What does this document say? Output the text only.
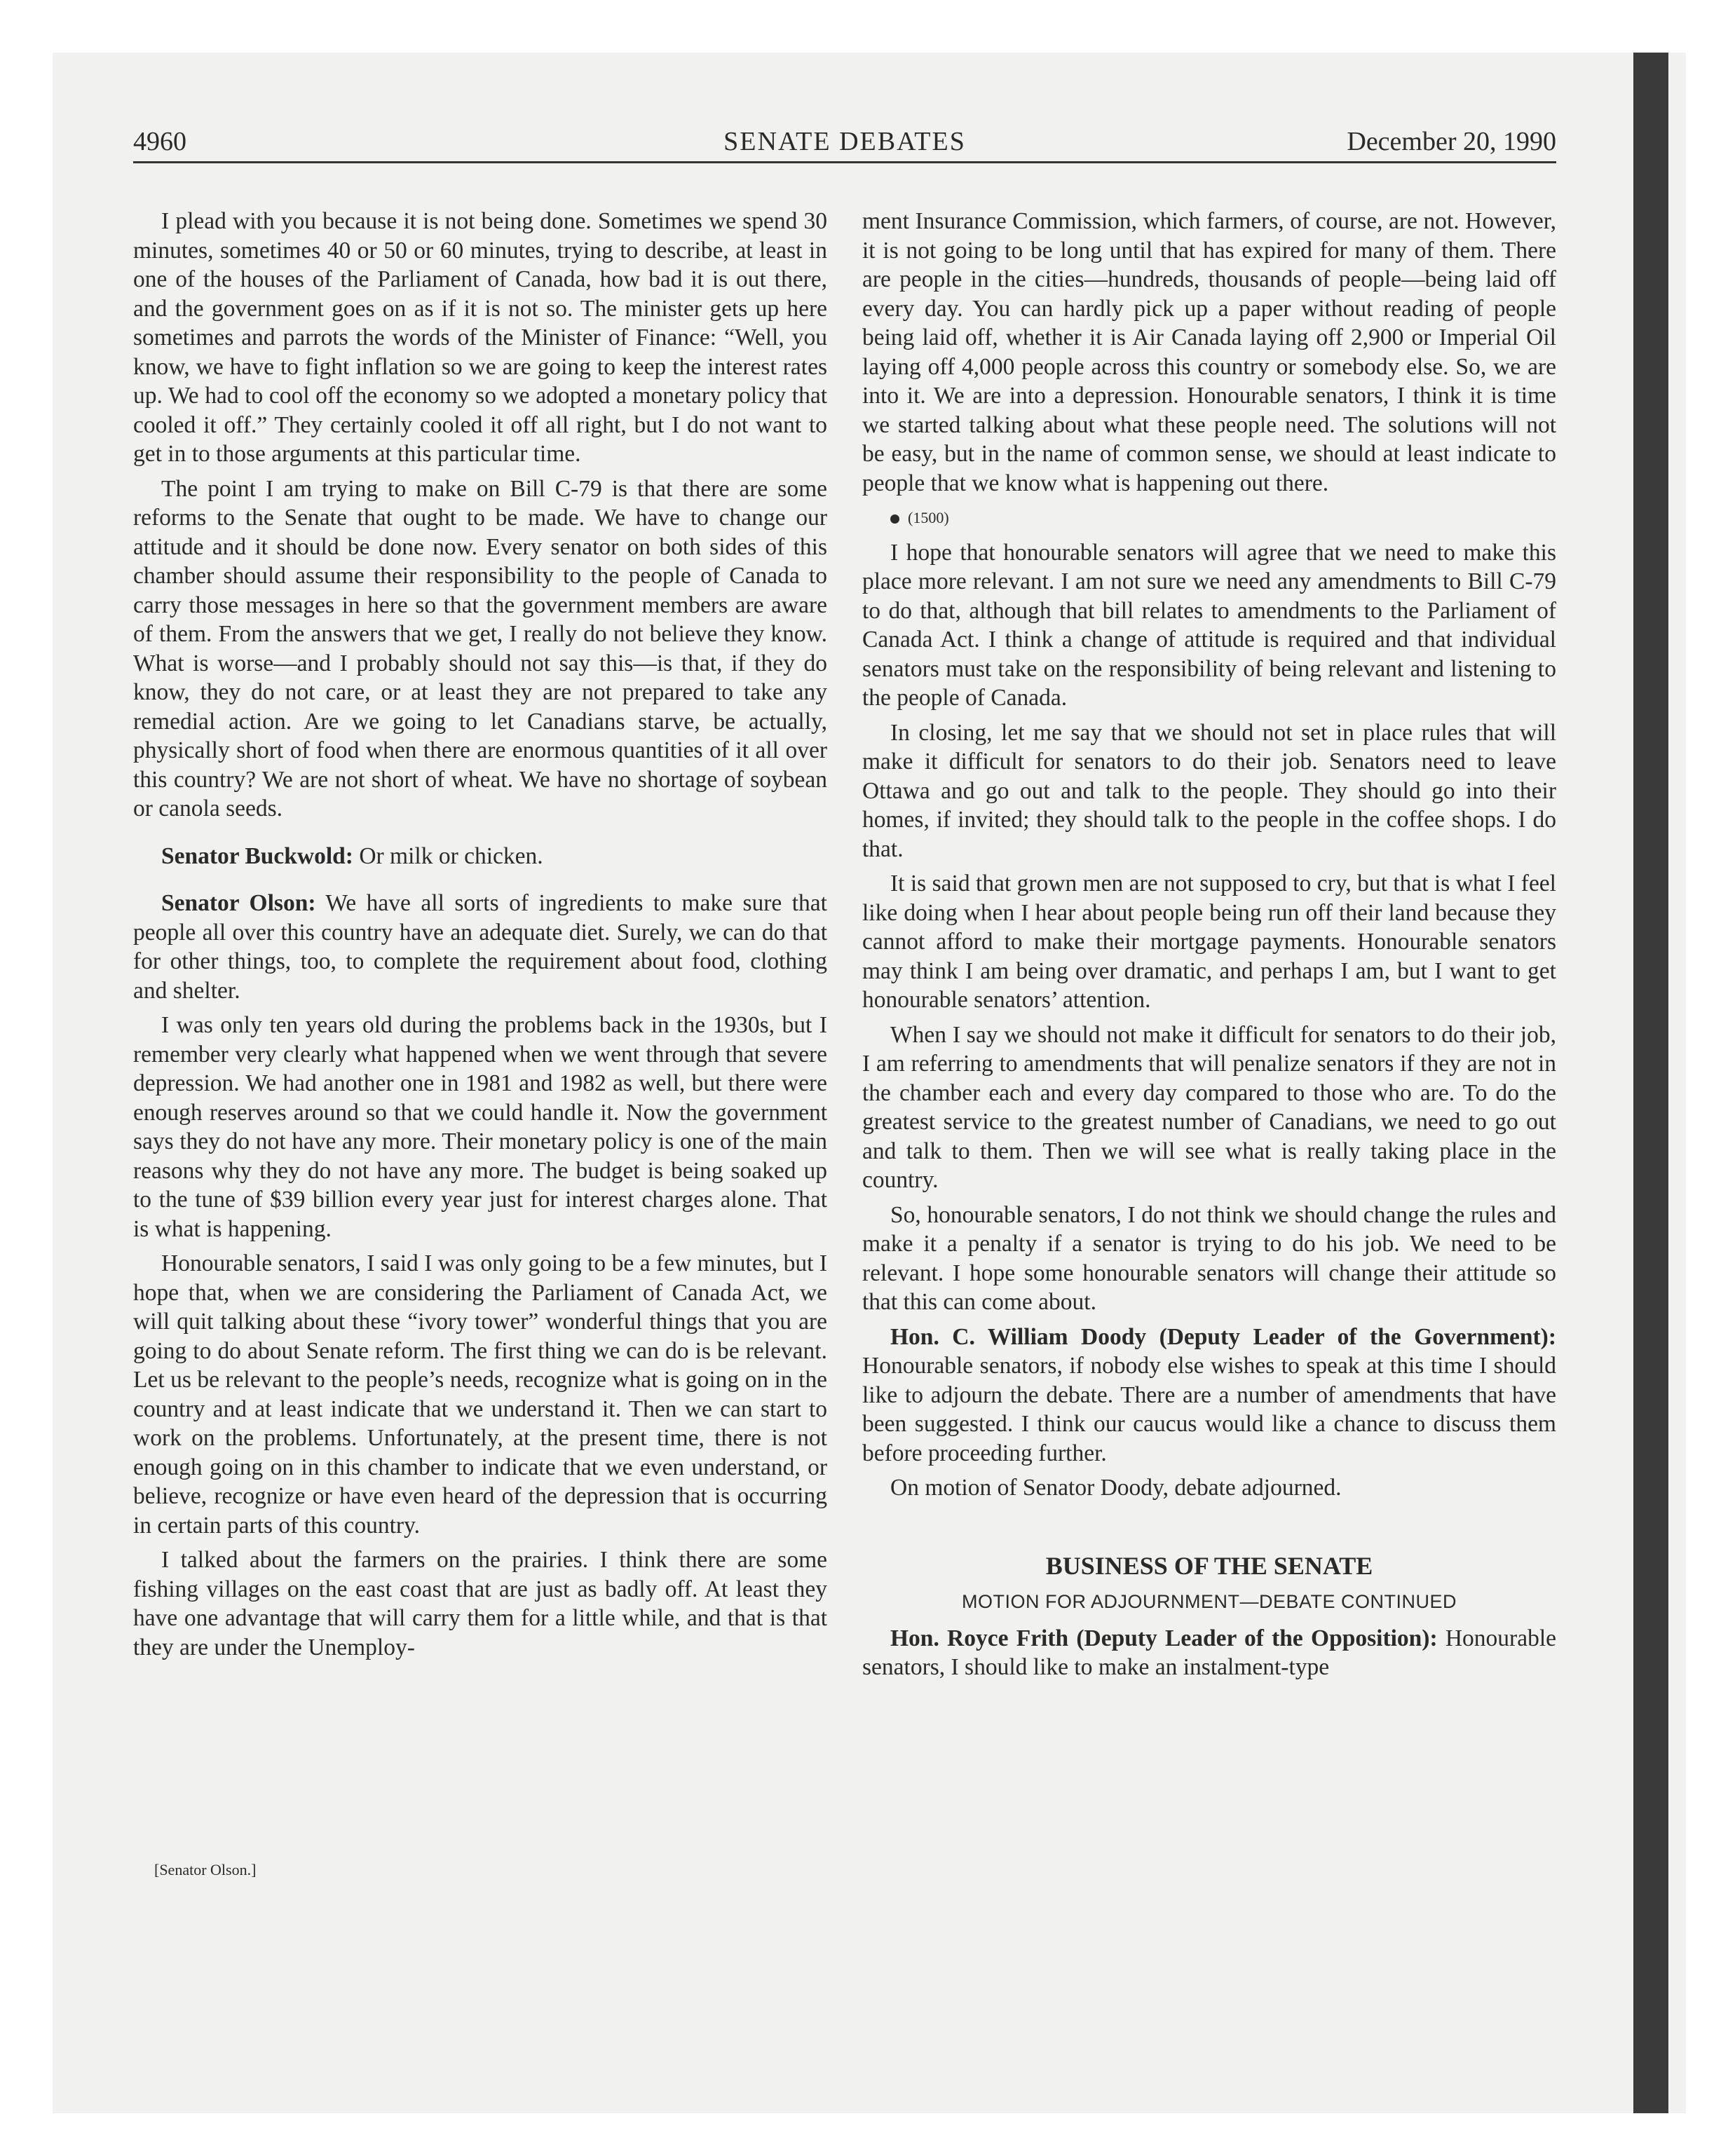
4960	SENATE DEBATES	December 20, 1990

I plead with you because it is not being done. Sometimes we spend 30 minutes, sometimes 40 or 50 or 60 minutes, trying to describe, at least in one of the houses of the Parliament of Canada, how bad it is out there, and the government goes on as if it is not so. The minister gets up here sometimes and parrots the words of the Minister of Finance: “Well, you know, we have to fight inflation so we are going to keep the interest rates up. We had to cool off the economy so we adopted a monetary policy that cooled it off.” They certainly cooled it off all right, but I do not want to get in to those arguments at this particular time.

The point I am trying to make on Bill C-79 is that there are some reforms to the Senate that ought to be made. We have to change our attitude and it should be done now. Every senator on both sides of this chamber should assume their responsibility to the people of Canada to carry those messages in here so that the government members are aware of them. From the answers that we get, I really do not believe they know. What is worse—and I probably should not say this—is that, if they do know, they do not care, or at least they are not prepared to take any remedial action. Are we going to let Canadians starve, be actually, physically short of food when there are enormous quantities of it all over this country? We are not short of wheat. We have no shortage of soybean or canola seeds.

Senator Buckwold: Or milk or chicken.

Senator Olson: We have all sorts of ingredients to make sure that people all over this country have an adequate diet. Surely, we can do that for other things, too, to complete the requirement about food, clothing and shelter.

I was only ten years old during the problems back in the 1930s, but I remember very clearly what happened when we went through that severe depression. We had another one in 1981 and 1982 as well, but there were enough reserves around so that we could handle it. Now the government says they do not have any more. Their monetary policy is one of the main reasons why they do not have any more. The budget is being soaked up to the tune of $39 billion every year just for interest charges alone. That is what is happening.

Honourable senators, I said I was only going to be a few minutes, but I hope that, when we are considering the Parliament of Canada Act, we will quit talking about these “ivory tower” wonderful things that you are going to do about Senate reform. The first thing we can do is be relevant. Let us be relevant to the people’s needs, recognize what is going on in the country and at least indicate that we understand it. Then we can start to work on the problems. Unfortunately, at the present time, there is not enough going on in this chamber to indicate that we even understand, or believe, recognize or have even heard of the depression that is occurring in certain parts of this country.

I talked about the farmers on the prairies. I think there are some fishing villages on the east coast that are just as badly off. At least they have one advantage that will carry them for a little while, and that is that they are under the Unemploy-

ment Insurance Commission, which farmers, of course, are not. However, it is not going to be long until that has expired for many of them. There are people in the cities—hundreds, thousands of people—being laid off every day. You can hardly pick up a paper without reading of people being laid off, whether it is Air Canada laying off 2,900 or Imperial Oil laying off 4,000 people across this country or somebody else. So, we are into it. We are into a depression. Honourable senators, I think it is time we started talking about what these people need. The solutions will not be easy, but in the name of common sense, we should at least indicate to people that we know what is happening out there.

(1500)

I hope that honourable senators will agree that we need to make this place more relevant. I am not sure we need any amendments to Bill C-79 to do that, although that bill relates to amendments to the Parliament of Canada Act. I think a change of attitude is required and that individual senators must take on the responsibility of being relevant and listening to the people of Canada.

In closing, let me say that we should not set in place rules that will make it difficult for senators to do their job. Senators need to leave Ottawa and go out and talk to the people. They should go into their homes, if invited; they should talk to the people in the coffee shops. I do that.

It is said that grown men are not supposed to cry, but that is what I feel like doing when I hear about people being run off their land because they cannot afford to make their mortgage payments. Honourable senators may think I am being over dramatic, and perhaps I am, but I want to get honourable senators’ attention.

When I say we should not make it difficult for senators to do their job, I am referring to amendments that will penalize senators if they are not in the chamber each and every day compared to those who are. To do the greatest service to the greatest number of Canadians, we need to go out and talk to them. Then we will see what is really taking place in the country.

So, honourable senators, I do not think we should change the rules and make it a penalty if a senator is trying to do his job. We need to be relevant. I hope some honourable senators will change their attitude so that this can come about.

Hon. C. William Doody (Deputy Leader of the Government): Honourable senators, if nobody else wishes to speak at this time I should like to adjourn the debate. There are a number of amendments that have been suggested. I think our caucus would like a chance to discuss them before proceeding further.

On motion of Senator Doody, debate adjourned.

BUSINESS OF THE SENATE
MOTION FOR ADJOURNMENT—DEBATE CONTINUED

Hon. Royce Frith (Deputy Leader of the Opposition): Honourable senators, I should like to make an instalment-type

[Senator Olson.]
